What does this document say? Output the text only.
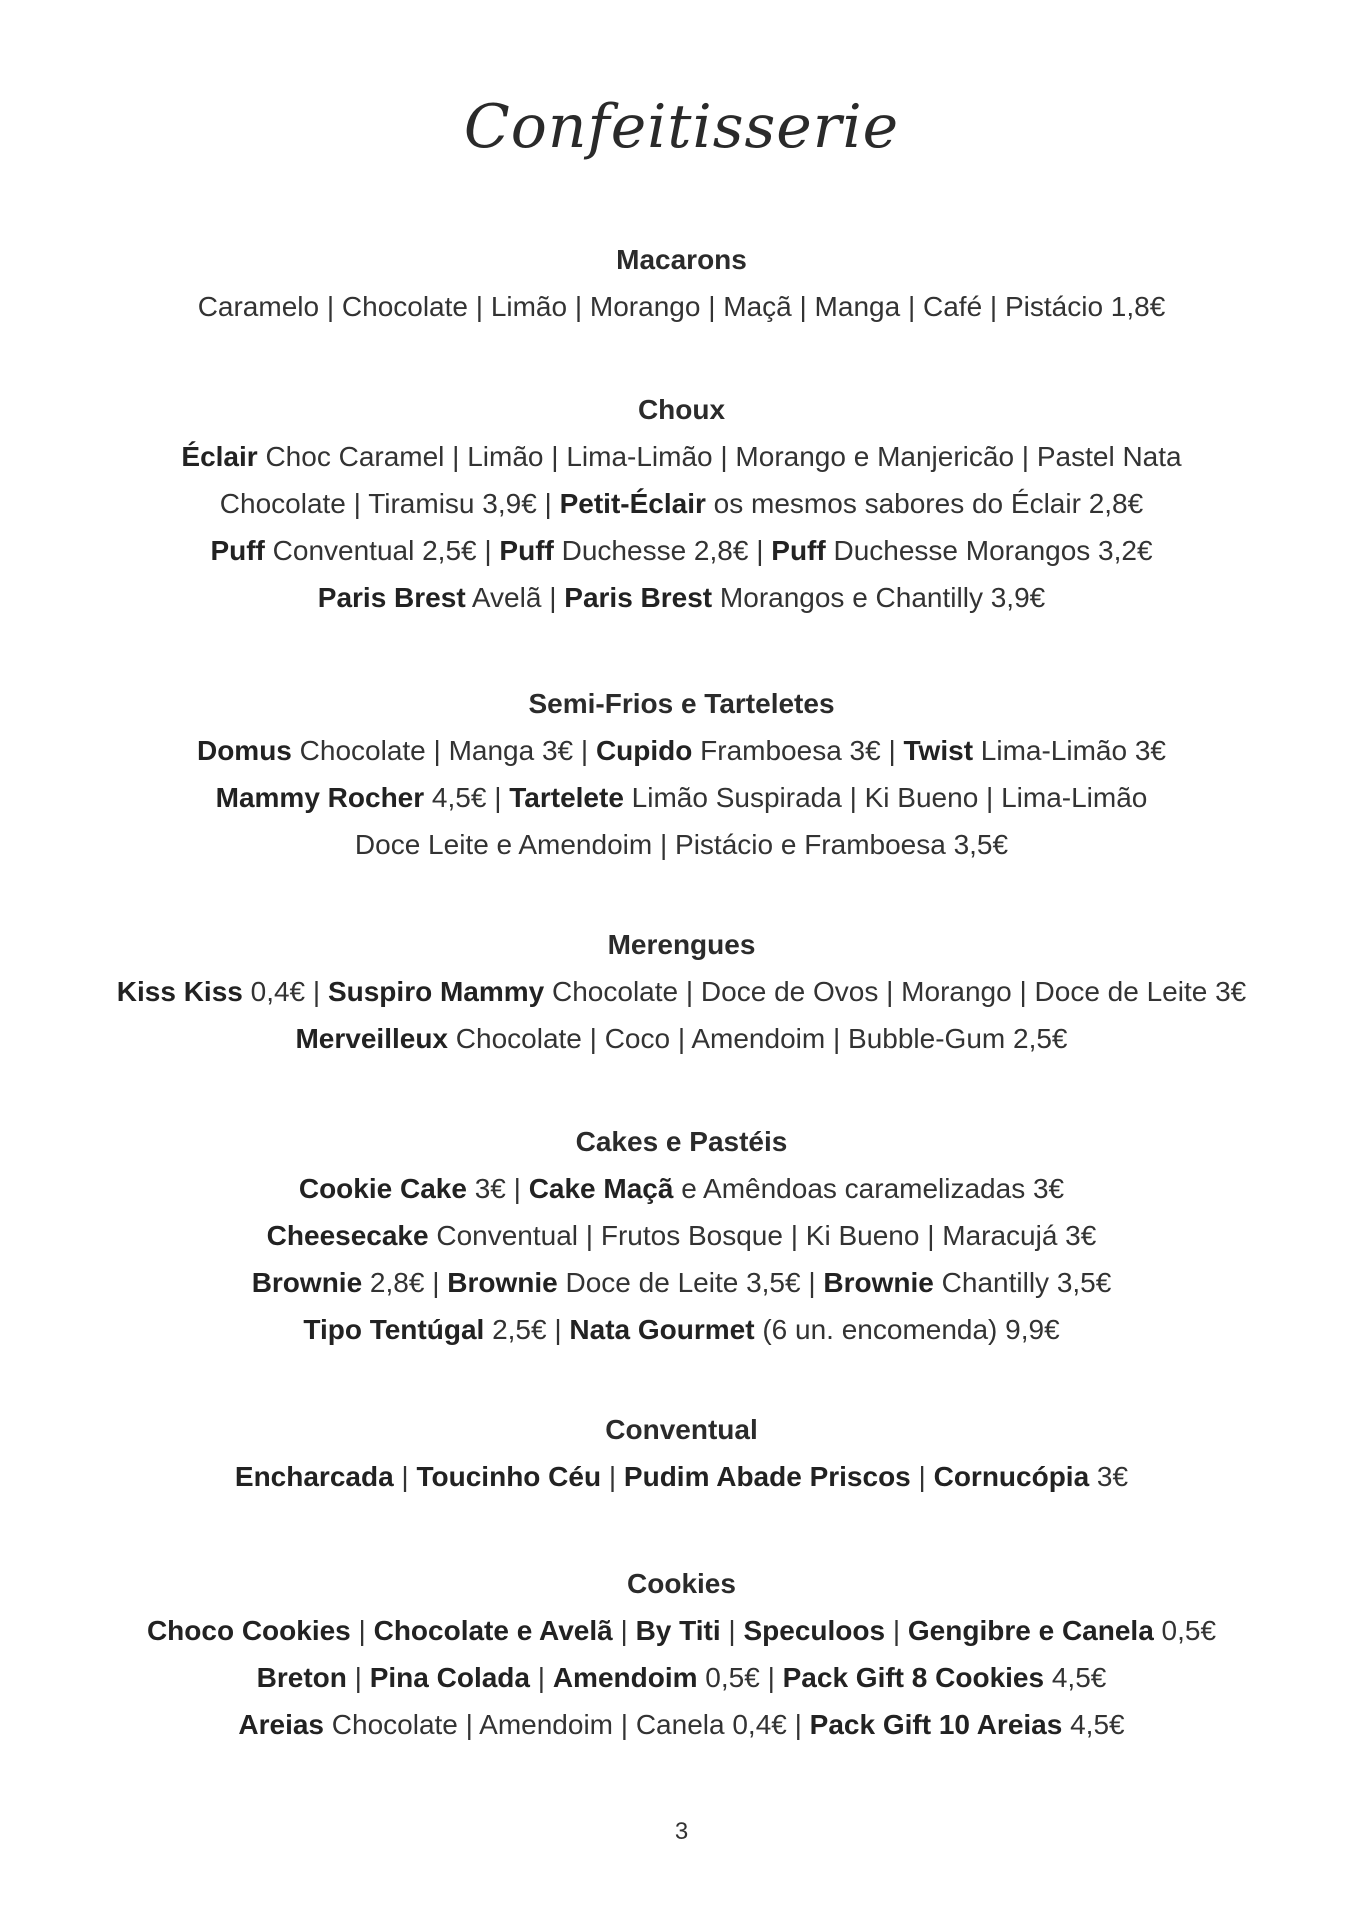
Confeitisserie
Macarons
Caramelo | Chocolate | Limão | Morango | Maçã | Manga | Café | Pistácio 1,8€
Choux
Éclair Choc Caramel | Limão | Lima-Limão | Morango e Manjericão | Pastel Nata
Chocolate | Tiramisu 3,9€ | Petit-Éclair os mesmos sabores do Éclair 2,8€
Puff Conventual 2,5€ | Puff Duchesse 2,8€ | Puff Duchesse Morangos 3,2€
Paris Brest Avelã | Paris Brest Morangos e Chantilly 3,9€
Semi-Frios e Tarteletes
Domus Chocolate | Manga 3€ | Cupido Framboesa 3€ | Twist Lima-Limão 3€
Mammy Rocher 4,5€ | Tartelete Limão Suspirada | Ki Bueno | Lima-Limão
Doce Leite e Amendoim | Pistácio e Framboesa 3,5€
Merengues
Kiss Kiss 0,4€ | Suspiro Mammy Chocolate | Doce de Ovos | Morango | Doce de Leite 3€
Merveilleux Chocolate | Coco | Amendoim | Bubble-Gum 2,5€
Cakes e Pastéis
Cookie Cake 3€ | Cake Maçã e Amêndoas caramelizadas 3€
Cheesecake Conventual | Frutos Bosque | Ki Bueno | Maracujá 3€
Brownie 2,8€ | Brownie Doce de Leite 3,5€ | Brownie Chantilly 3,5€
Tipo Tentúgal 2,5€ | Nata Gourmet (6 un. encomenda) 9,9€
Conventual
Encharcada | Toucinho Céu | Pudim Abade Priscos | Cornucópia 3€
Cookies
Choco Cookies | Chocolate e Avelã | By Titi | Speculoos | Gengibre e Canela 0,5€
Breton | Pina Colada | Amendoim 0,5€ | Pack Gift 8 Cookies 4,5€
Areias Chocolate | Amendoim | Canela 0,4€ | Pack Gift 10 Areias 4,5€
3
